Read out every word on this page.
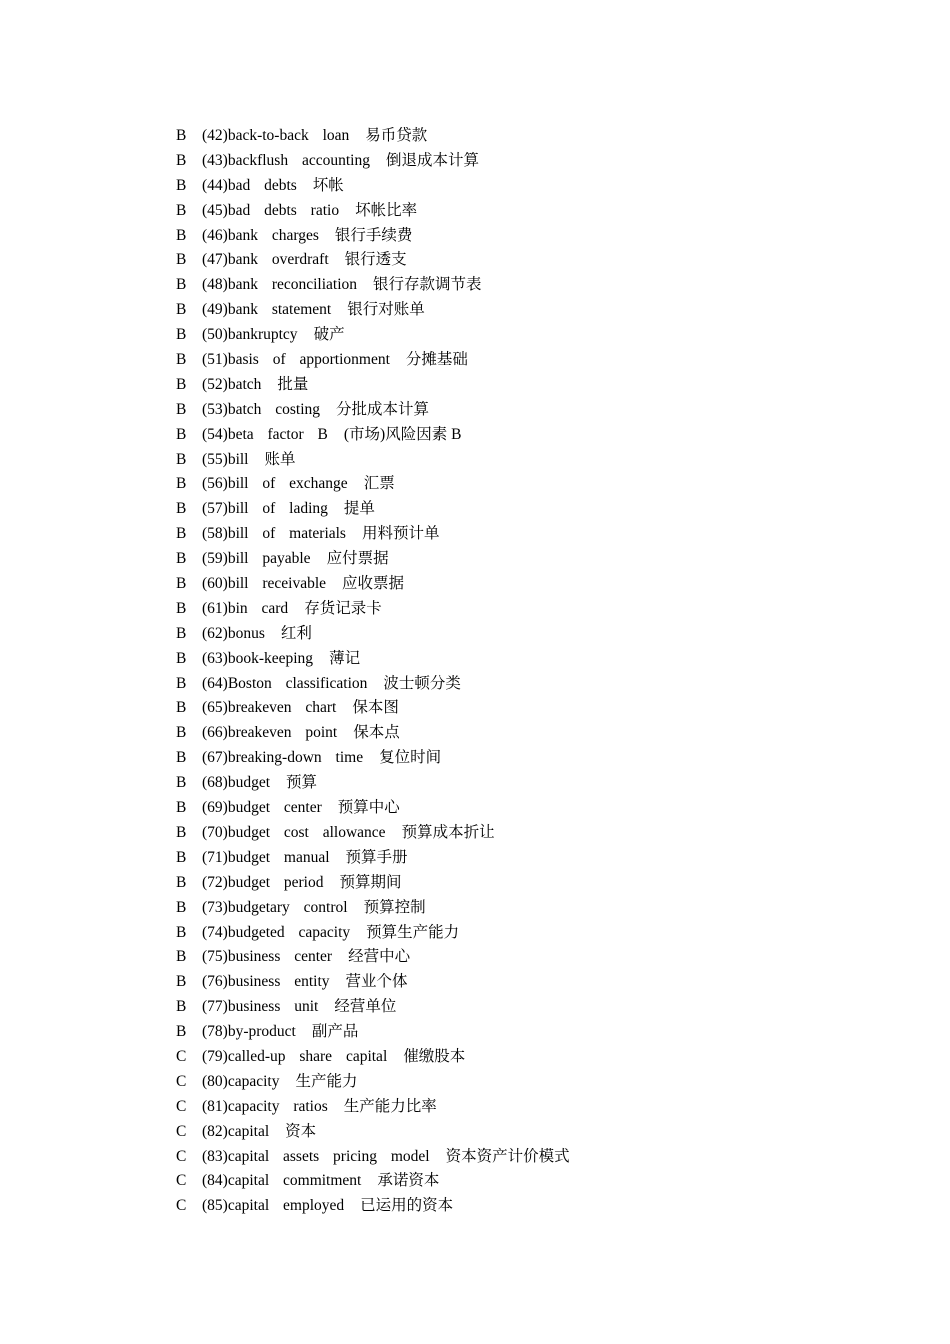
B (42)back-to-back loan 易币贷款
B (43)backflush accounting 倒退成本计算
B (44)bad debts 坏帐
B (45)bad debts ratio 坏帐比率
B (46)bank charges 银行手续费
B (47)bank overdraft 银行透支
B (48)bank reconciliation 银行存款调节表
B (49)bank statement 银行对账单
B (50)bankruptcy 破产
B (51)basis of apportionment 分摊基础
B (52)batch 批量
B (53)batch costing 分批成本计算
B (54)beta factor B (市场)风险因素 B
B (55)bill 账单
B (56)bill of exchange 汇票
B (57)bill of lading 提单
B (58)bill of materials 用料预计单
B (59)bill payable 应付票据
B (60)bill receivable 应收票据
B (61)bin card 存货记录卡
B (62)bonus 红利
B (63)book-keeping 薄记
B (64)Boston classification 波士顿分类
B (65)breakeven chart 保本图
B (66)breakeven point 保本点
B (67)breaking-down time 复位时间
B (68)budget 预算
B (69)budget center 预算中心
B (70)budget cost allowance 预算成本折让
B (71)budget manual 预算手册
B (72)budget period 预算期间
B (73)budgetary control 预算控制
B (74)budgeted capacity 预算生产能力
B (75)business center 经营中心
B (76)business entity 营业个体
B (77)business unit 经营单位
B (78)by-product 副产品
C (79)called-up share capital 催缴股本
C (80)capacity 生产能力
C (81)capacity ratios 生产能力比率
C (82)capital 资本
C (83)capital assets pricing model 资本资产计价模式
C (84)capital commitment 承诺资本
C (85)capital employed 已运用的资本
